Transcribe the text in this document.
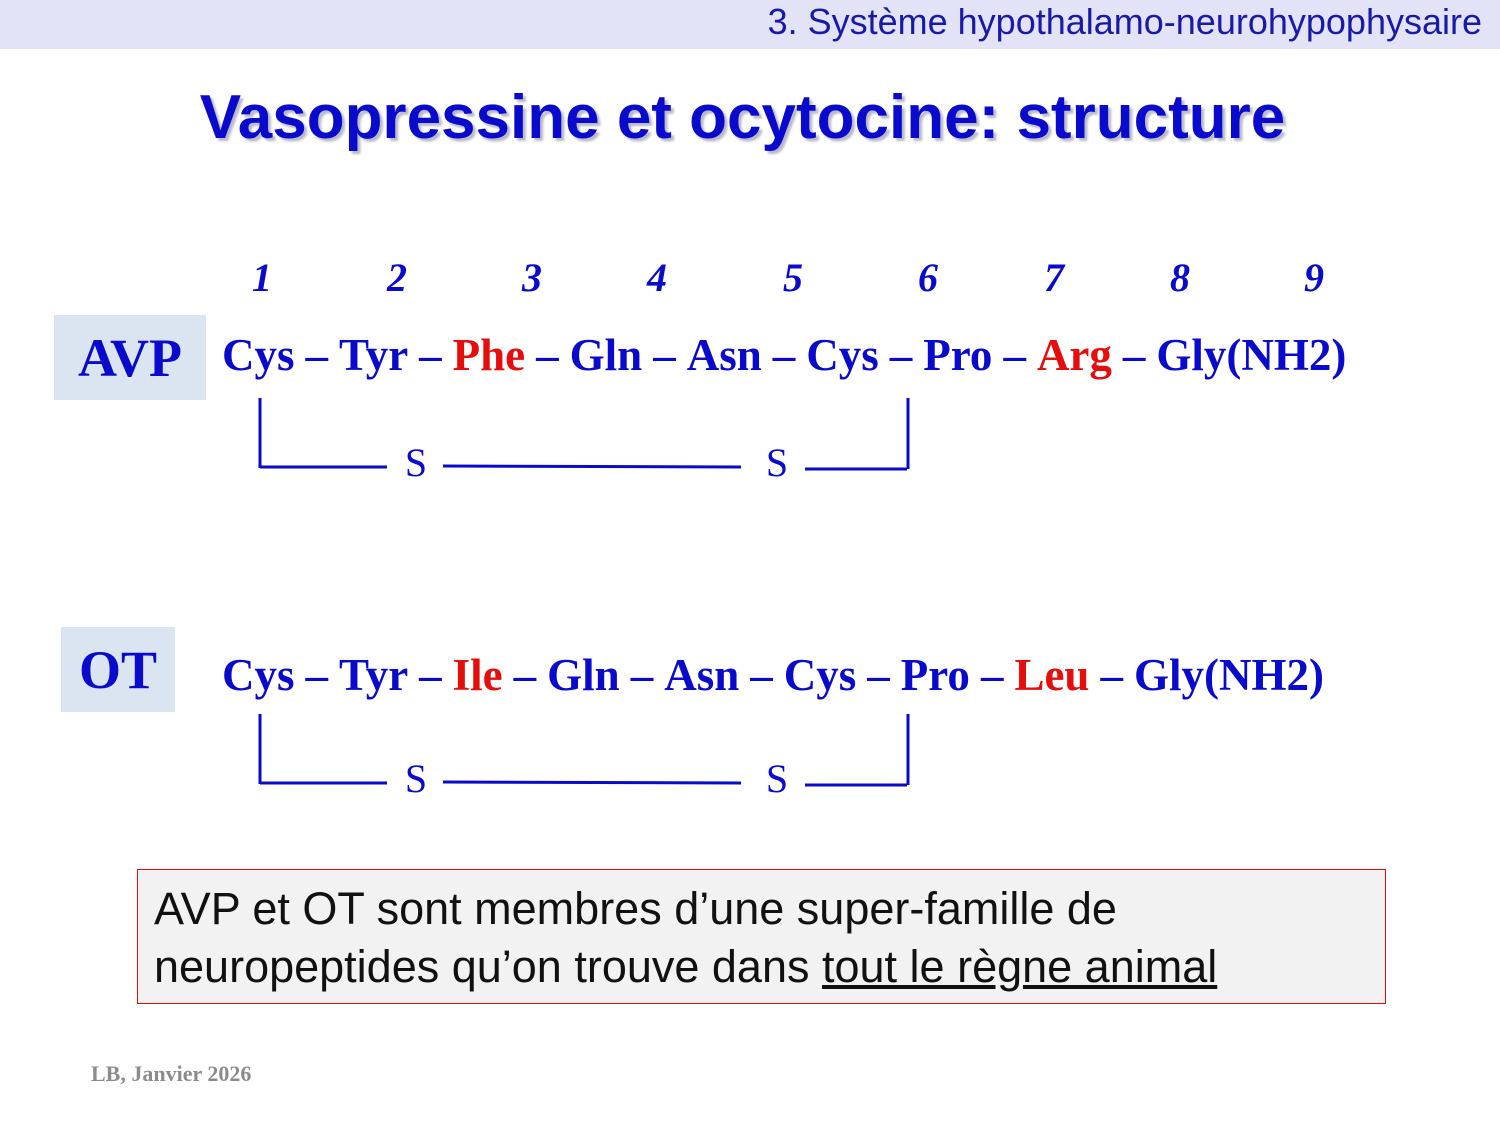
3. Système hypothalamo-neurohypophysaire
Vasopressine et ocytocine: structure
1	2	3	4	5	6	7	8	9
AVP Cys – Tyr – Phe – Gln – Asn – Cys – Pro – Arg – Gly(NH2)
S	S
OT Cys – Tyr – Ile – Gln – Asn – Cys – Pro – Leu – Gly(NH2)
S	S
AVP et OT sont membres d’une super-famille de neuropeptides qu’on trouve dans tout le règne animal
LB, Janvier 2026
